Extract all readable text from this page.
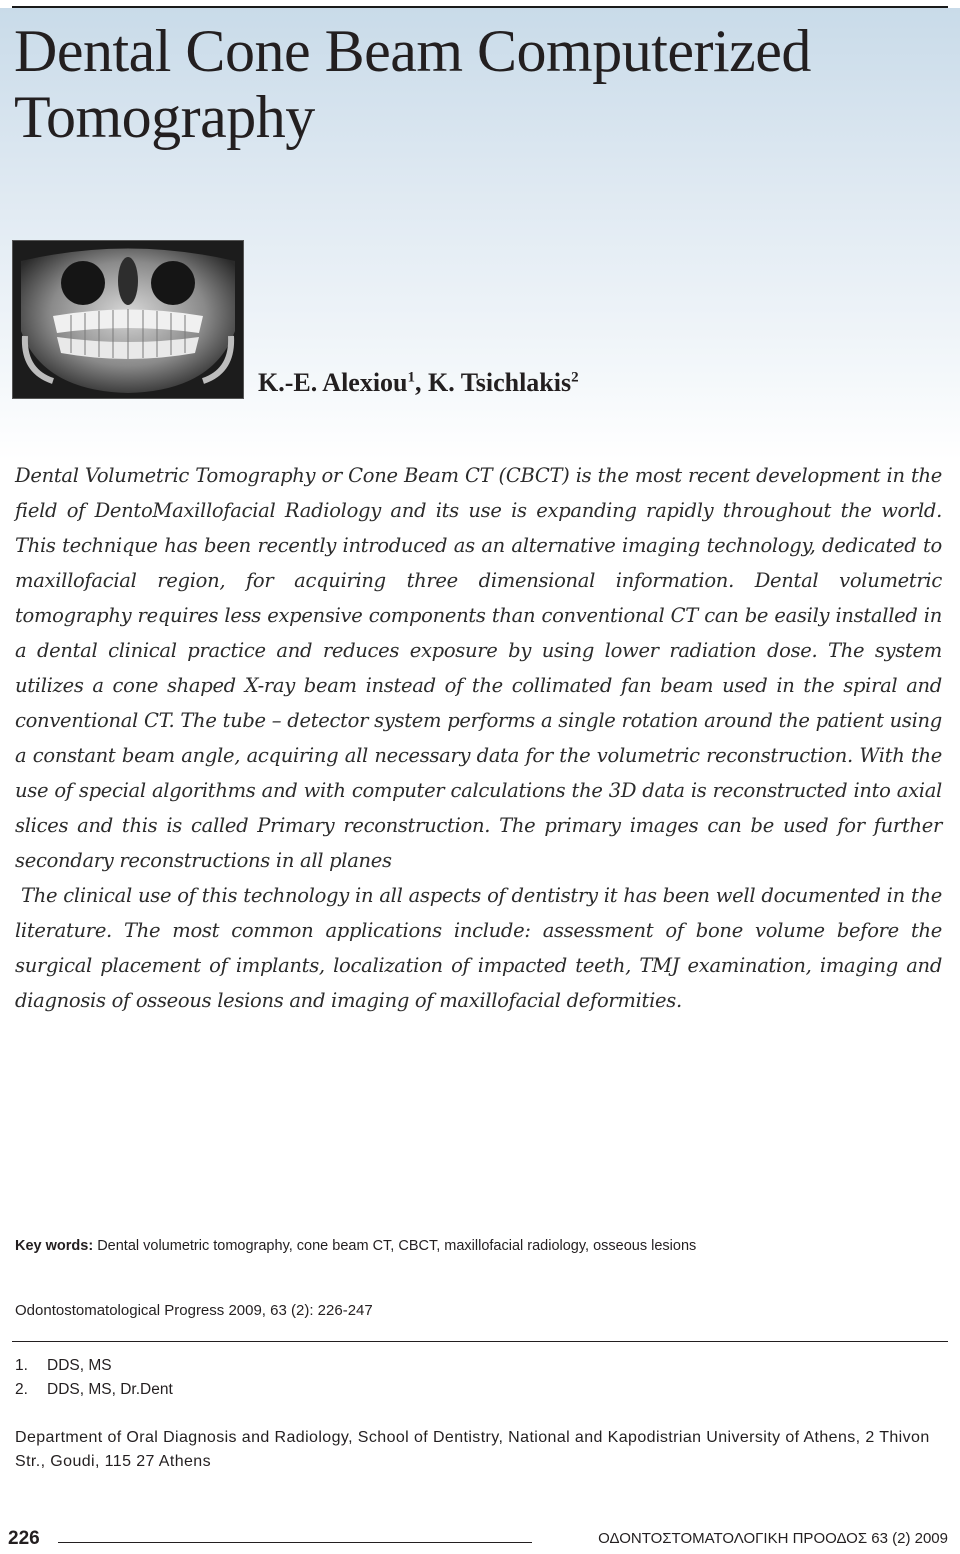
Dental Cone Beam Computerized Tomography

K.-E. Alexiou$^1$, K. Tsichlakis$^2$

Dental Volumetric Tomography or Cone Beam CT (CBCT) is the most recent development in the field of DentoMaxillofacial Radiology and its use is expanding rapidly throughout the world. This technique has been recently introduced as an alternative imaging technology, dedicated to maxillofacial region, for acquiring three dimensional information. Dental volumetric tomography requires less expensive components than conventional CT can be easily installed in a dental clinical practice and reduces exposure by using lower radiation dose. The system utilizes a cone shaped X-ray beam instead of the collimated fan beam used in the spiral and conventional CT. The tube – detector system performs a single rotation around the patient using a constant beam angle, acquiring all necessary data for the volumetric reconstruction. With the use of special algorithms and with computer calculations the 3D data is reconstructed into axial slices and this is called Primary reconstruction. The primary images can be used for further secondary reconstructions in all planes

The clinical use of this technology in all aspects of dentistry it has been well documented in the literature. The most common applications include: assessment of bone volume before the surgical placement of implants, localization of impacted teeth, TMJ examination, imaging and diagnosis of osseous lesions and imaging of maxillofacial deformities.

Key words: Dental volumetric tomography, cone beam CT, CBCT, maxillofacial radiology, osseous lesions
Odontostomatological Progress 2009, 63 (2): 226-247
1. DDS, MS
2. DDS, MS, Dr.Dent
Department of Oral Diagnosis and Radiology, School of Dentistry, National and Kapodistrian University of Athens, 2 Thivon Str., Goudi, 115 27 Athens
226	ΟΔΟΝΤΟΣΤΟΜΑΤΟΛΟΓΙΚΗ ΠΡΟΟΔΟΣ 63 (2) 2009
